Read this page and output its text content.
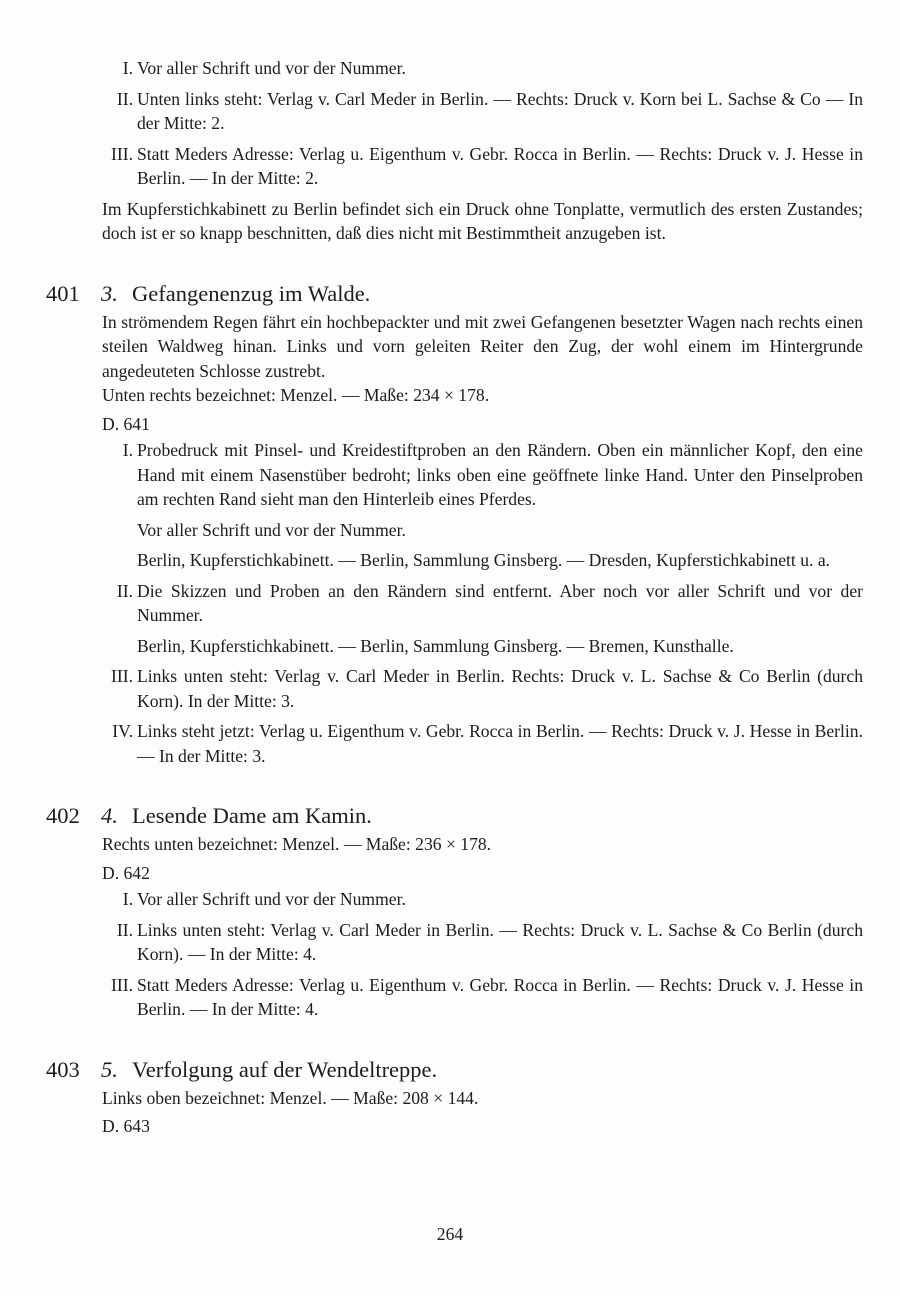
I. Vor aller Schrift und vor der Nummer.

II. Unten links steht: Verlag v. Carl Meder in Berlin. — Rechts: Druck v. Korn bei L. Sachse & Co — In der Mitte: 2.

III. Statt Meders Adresse: Verlag u. Eigenthum v. Gebr. Rocca in Berlin. — Rechts: Druck v. J. Hesse in Berlin. — In der Mitte: 2.

Im Kupferstichkabinett zu Berlin befindet sich ein Druck ohne Tonplatte, vermutlich des ersten Zustandes; doch ist er so knapp beschnitten, daß dies nicht mit Bestimmtheit anzugeben ist.

401 3. Gefangenenzug im Walde.

In strömendem Regen fährt ein hochbepackter und mit zwei Gefangenen besetzter Wagen nach rechts einen steilen Waldweg hinan. Links und vorn geleiten Reiter den Zug, der wohl einem im Hintergrunde angedeuteten Schlosse zustrebt.

Unten rechts bezeichnet: Menzel. — Maße: 234 × 178.

D. 641

I. Probedruck mit Pinsel- und Kreidestiftproben an den Rändern. Oben ein männlicher Kopf, den eine Hand mit einem Nasenstüber bedroht; links oben eine geöffnete linke Hand. Unter den Pinselproben am rechten Rand sieht man den Hinterleib eines Pferdes.

Vor aller Schrift und vor der Nummer.

Berlin, Kupferstichkabinett. — Berlin, Sammlung Ginsberg. — Dresden, Kupferstichkabinett u. a.

II. Die Skizzen und Proben an den Rändern sind entfernt. Aber noch vor aller Schrift und vor der Nummer.

Berlin, Kupferstichkabinett. — Berlin, Sammlung Ginsberg. — Bremen, Kunsthalle.

III. Links unten steht: Verlag v. Carl Meder in Berlin. Rechts: Druck v. L. Sachse & Co Berlin (durch Korn). In der Mitte: 3.

IV. Links steht jetzt: Verlag u. Eigenthum v. Gebr. Rocca in Berlin. — Rechts: Druck v. J. Hesse in Berlin. — In der Mitte: 3.

402 4. Lesende Dame am Kamin.

Rechts unten bezeichnet: Menzel. — Maße: 236 × 178.

D. 642

I. Vor aller Schrift und vor der Nummer.

II. Links unten steht: Verlag v. Carl Meder in Berlin. — Rechts: Druck v. L. Sachse & Co Berlin (durch Korn). — In der Mitte: 4.

III. Statt Meders Adresse: Verlag u. Eigenthum v. Gebr. Rocca in Berlin. — Rechts: Druck v. J. Hesse in Berlin. — In der Mitte: 4.

403 5. Verfolgung auf der Wendeltreppe.

Links oben bezeichnet: Menzel. — Maße: 208 × 144.

D. 643

264
